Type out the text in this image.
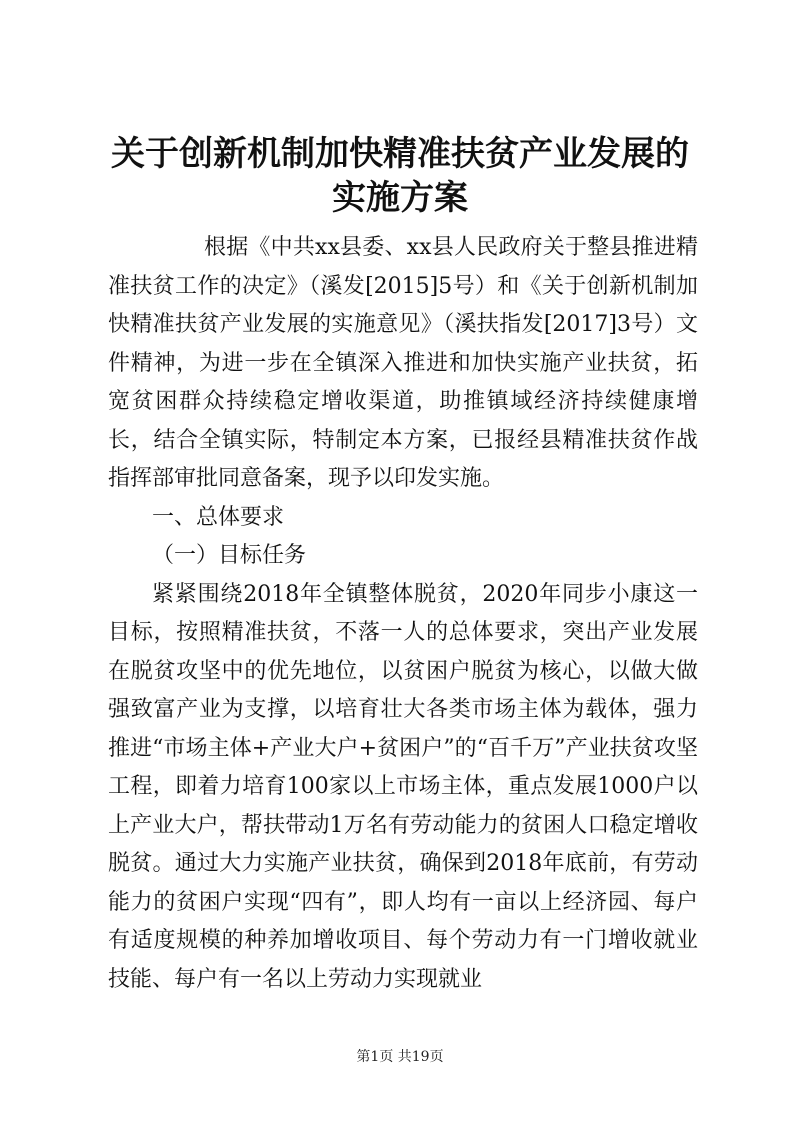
关于创新机制加快精准扶贫产业发展的实施方案

根据《中共xx县委、xx县人民政府关于整县推进精准扶贫工作的决定》（溪发[2015]5号）和《关于创新机制加快精准扶贫产业发展的实施意见》（溪扶指发[2017]3号）文件精神，为进一步在全镇深入推进和加快实施产业扶贫，拓宽贫困群众持续稳定增收渠道，助推镇域经济持续健康增长，结合全镇实际，特制定本方案，已报经县精准扶贫作战指挥部审批同意备案，现予以印发实施。

一、总体要求

（一）目标任务

紧紧围绕2018年全镇整体脱贫，2020年同步小康这一目标，按照精准扶贫，不落一人的总体要求，突出产业发展在脱贫攻坚中的优先地位，以贫困户脱贫为核心，以做大做强致富产业为支撑，以培育壮大各类市场主体为载体，强力推进“市场主体+产业大户+贫困户”的“百千万”产业扶贫攻坚工程，即着力培育100家以上市场主体，重点发展1000户以上产业大户，帮扶带动1万名有劳动能力的贫困人口稳定增收脱贫。通过大力实施产业扶贫，确保到2018年底前，有劳动能力的贫困户实现“四有”，即人均有一亩以上经济园、每户有适度规模的种养加增收项目、每个劳动力有一门增收就业技能、每户有一名以上劳动力实现就业

第1页 共19页
